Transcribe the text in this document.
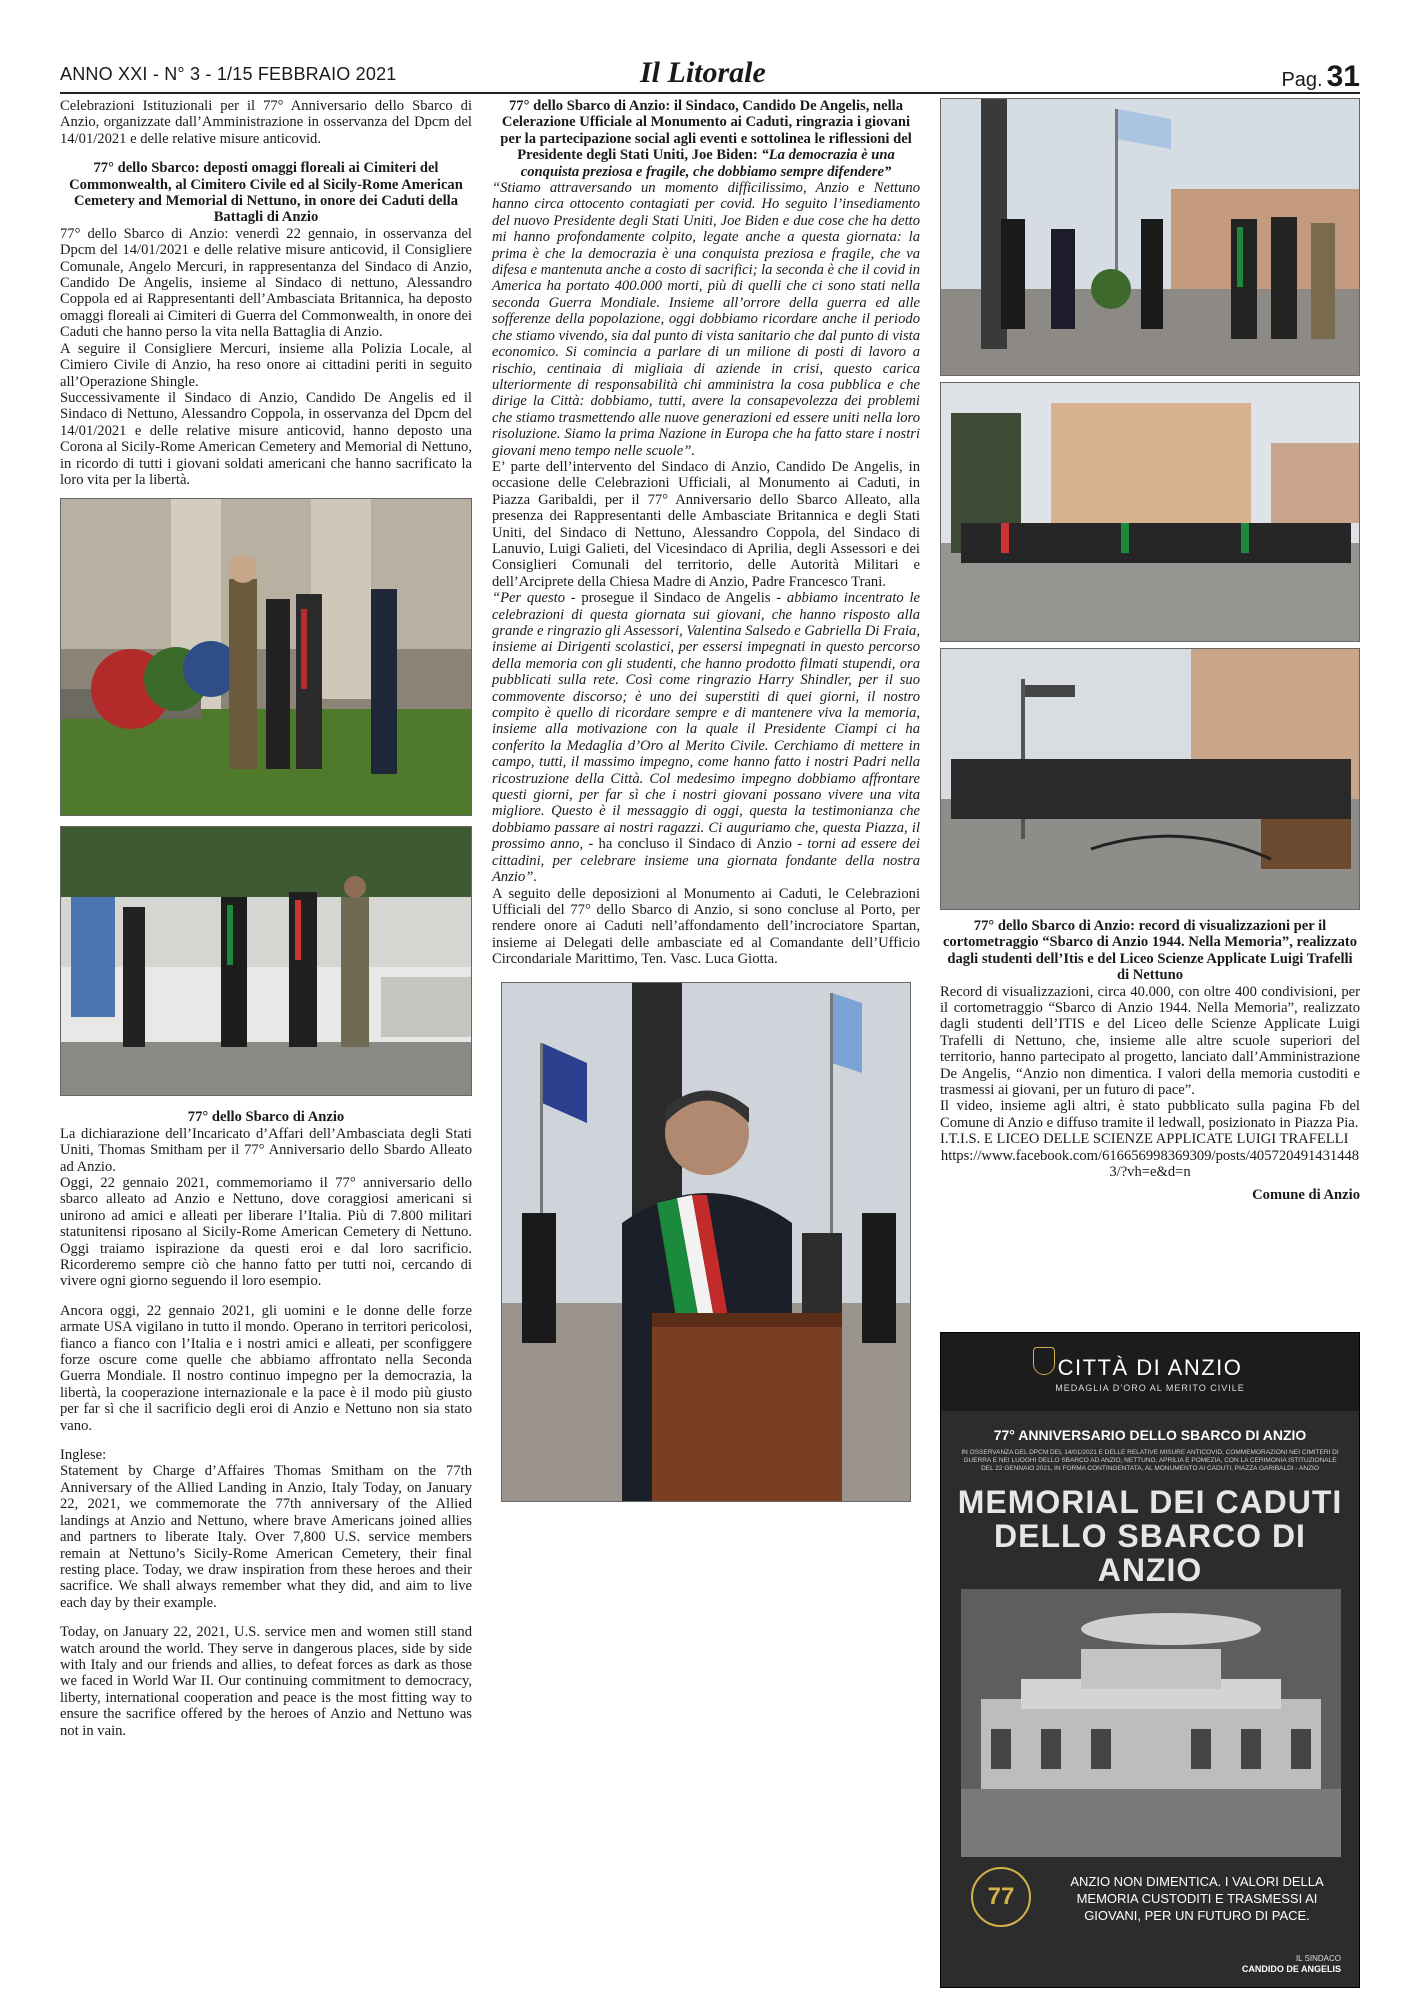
ANNO XXI - N° 3 - 1/15 FEBBRAIO 2021	Il Litorale	Pag. 31

Celebrazioni Istituzionali per il 77° Anniversario dello Sbarco di Anzio, organizzate dall’Amministrazione in osservanza del Dpcm del 14/01/2021 e delle relative misure anticovid.

77° dello Sbarco: deposti omaggi floreali ai Cimiteri del Commonwealth, al Cimitero Civile ed al Sicily-Rome American Cemetery and Memorial di Nettuno, in onore dei Caduti della Battagli di Anzio

77° dello Sbarco di Anzio: venerdì 22 gennaio, in osservanza del Dpcm del 14/01/2021 e delle relative misure anticovid, il Consigliere Comunale, Angelo Mercuri, in rappresentanza del Sindaco di Anzio, Candido De Angelis, insieme al Sindaco di nettuno, Alessandro Coppola ed ai Rappresentanti dell’Ambasciata Britannica, ha deposto omaggi floreali ai Cimiteri di Guerra del Commonwealth, in onore dei Caduti che hanno perso la vita nella Battaglia di Anzio.

A seguire il Consigliere Mercuri, insieme alla Polizia Locale, al Cimiero Civile di Anzio, ha reso onore ai cittadini periti in seguito all’Operazione Shingle.

Successivamente il Sindaco di Anzio, Candido De Angelis ed il Sindaco di Nettuno, Alessandro Coppola, in osservanza del Dpcm del 14/01/2021 e delle relative misure anticovid, hanno deposto una Corona al Sicily-Rome American Cemetery and Memorial di Nettuno, in ricordo di tutti i giovani soldati americani che hanno sacrificato la loro vita per la libertà.

77° dello Sbarco di Anzio

La dichiarazione dell’Incaricato d’Affari dell’Ambasciata degli Stati Uniti, Thomas Smitham per il 77° Anniversario dello Sbardo Alleato ad Anzio.

Oggi, 22 gennaio 2021, commemoriamo il 77° anniversario dello sbarco alleato ad Anzio e Nettuno, dove coraggiosi americani si unirono ad amici e alleati per liberare l’Italia. Più di 7.800 militari statunitensi riposano al Sicily-Rome American Cemetery di Nettuno. Oggi traiamo ispirazione da questi eroi e dal loro sacrificio. Ricorderemo sempre ciò che hanno fatto per tutti noi, cercando di vivere ogni giorno seguendo il loro esempio.

Ancora oggi, 22 gennaio 2021, gli uomini e le donne delle forze armate USA vigilano in tutto il mondo. Operano in territori pericolosi, fianco a fianco con l’Italia e i nostri amici e alleati, per sconfiggere forze oscure come quelle che abbiamo affrontato nella Seconda Guerra Mondiale. Il nostro continuo impegno per la democrazia, la libertà, la cooperazione internazionale e la pace è il modo più giusto per far sì che il sacrificio degli eroi di Anzio e Nettuno non sia stato vano.

Inglese:

Statement by Charge d’Affaires Thomas Smitham on the 77th Anniversary of the Allied Landing in Anzio, Italy Today, on January 22, 2021, we commemorate the 77th anniversary of the Allied landings at Anzio and Nettuno, where brave Americans joined allies and partners to liberate Italy. Over 7,800 U.S. service members remain at Nettuno’s Sicily-Rome American Cemetery, their final resting place. Today, we draw inspiration from these heroes and their sacrifice. We shall always remember what they did, and aim to live each day by their example.

Today, on January 22, 2021, U.S. service men and women still stand watch around the world. They serve in dangerous places, side by side with Italy and our friends and allies, to defeat forces as dark as those we faced in World War II. Our continuing commitment to democracy, liberty, international cooperation and peace is the most fitting way to ensure the sacrifice offered by the heroes of Anzio and Nettuno was not in vain.

77° dello Sbarco di Anzio: il Sindaco, Candido De Angelis, nella Celerazione Ufficiale al Monumento ai Caduti, ringrazia i giovani per la partecipazione social agli eventi e sottolinea le riflessioni del Presidente degli Stati Uniti, Joe Biden: “La democrazia è una conquista preziosa e fragile, che dobbiamo sempre difendere”

“Stiamo attraversando un momento difficilissimo, Anzio e Nettuno hanno circa ottocento contagiati per covid. Ho seguito l’insediamento del nuovo Presidente degli Stati Uniti, Joe Biden e due cose che ha detto mi hanno profondamente colpito, legate anche a questa giornata: la prima è che la democrazia è una conquista preziosa e fragile, che va difesa e mantenuta anche a costo di sacrifici; la seconda è che il covid in America ha portato 400.000 morti, più di quelli che ci sono stati nella seconda Guerra Mondiale. Insieme all’orrore della guerra ed alle sofferenze della popolazione, oggi dobbiamo ricordare anche il periodo che stiamo vivendo, sia dal punto di vista sanitario che dal punto di vista economico. Si comincia a parlare di un milione di posti di lavoro a rischio, centinaia di migliaia di aziende in crisi, questo carica ulteriormente di responsabilità chi amministra la cosa pubblica e che dirige la Città: dobbiamo, tutti, avere la consapevolezza dei problemi che stiamo trasmettendo alle nuove generazioni ed essere uniti nella loro risoluzione. Siamo la prima Nazione in Europa che ha fatto stare i nostri giovani meno tempo nelle scuole”.

E’ parte dell’intervento del Sindaco di Anzio, Candido De Angelis, in occasione delle Celebrazioni Ufficiali, al Monumento ai Caduti, in Piazza Garibaldi, per il 77° Anniversario dello Sbarco Alleato, alla presenza dei Rappresentanti delle Ambasciate Britannica e degli Stati Uniti, del Sindaco di Nettuno, Alessandro Coppola, del Sindaco di Lanuvio, Luigi Galieti, del Vicesindaco di Aprilia, degli Assessori e dei Consiglieri Comunali del territorio, delle Autorità Militari e dell’Arciprete della Chiesa Madre di Anzio, Padre Francesco Trani.

“Per questo - prosegue il Sindaco de Angelis - abbiamo incentrato le celebrazioni di questa giornata sui giovani, che hanno risposto alla grande e ringrazio gli Assessori, Valentina Salsedo e Gabriella Di Fraia, insieme ai Dirigenti scolastici, per essersi impegnati in questo percorso della memoria con gli studenti, che hanno prodotto filmati stupendi, ora pubblicati sulla rete. Così come ringrazio Harry Shindler, per il suo commovente discorso; è uno dei superstiti di quei giorni, il nostro compito è quello di ricordare sempre e di mantenere viva la memoria, insieme alla motivazione con la quale il Presidente Ciampi ci ha conferito la Medaglia d’Oro al Merito Civile. Cerchiamo di mettere in campo, tutti, il massimo impegno, come hanno fatto i nostri Padri nella ricostruzione della Città. Col medesimo impegno dobbiamo affrontare questi giorni, per far sì che i nostri giovani possano vivere una vita migliore. Questo è il messaggio di oggi, questa la testimonianza che dobbiamo passare ai nostri ragazzi. Ci auguriamo che, questa Piazza, il prossimo anno, - ha concluso il Sindaco di Anzio - torni ad essere dei cittadini, per celebrare insieme una giornata fondante della nostra Anzio”.

A seguito delle deposizioni al Monumento ai Caduti, le Celebrazioni Ufficiali del 77° dello Sbarco di Anzio, si sono concluse al Porto, per rendere onore ai Caduti nell’affondamento dell’incrociatore Spartan, insieme ai Delegati delle ambasciate ed al Comandante dell’Ufficio Circondariale Marittimo, Ten. Vasc. Luca Giotta.

77° dello Sbarco di Anzio: record di visualizzazioni per il cortometraggio “Sbarco di Anzio 1944. Nella Memoria”, realizzato dagli studenti dell’Itis e del Liceo Scienze Applicate Luigi Trafelli di Nettuno

Record di visualizzazioni, circa 40.000, con oltre 400 condivisioni, per il cortometraggio “Sbarco di Anzio 1944. Nella Memoria”, realizzato dagli studenti dell’ITIS e del Liceo delle Scienze Applicate Luigi Trafelli di Nettuno, che, insieme alle altre scuole superiori del territorio, hanno partecipato al progetto, lanciato dall’Amministrazione De Angelis, “Anzio non dimentica. I valori della memoria custoditi e trasmessi ai giovani, per un futuro di pace”.

Il video, insieme agli altri, è stato pubblicato sulla pagina Fb del Comune di Anzio e diffuso tramite il ledwall, posizionato in Piazza Pia.

I.T.I.S. E LICEO DELLE SCIENZE APPLICATE LUIGI TRAFELLI

https://www.facebook.com/616656998369309/posts/4057204914314483/?vh=e&d=n

Comune di Anzio

CITTÀ DI ANZIO
MEDAGLIA D’ORO AL MERITO CIVILE
77° ANNIVERSARIO DELLO SBARCO DI ANZIO
IN OSSERVANZA DEL DPCM DEL 14/01/2021 E DELLE RELATIVE MISURE ANTICOVID, COMMEMORAZIONI NEI CIMITERI DI GUERRA E NEI LUOGHI DELLO SBARCO AD ANZIO, NETTUNO, APRILIA E POMEZIA, CON LA CERIMONIA ISTITUZIONALE DEL 22 GENNAIO 2021, IN FORMA CONTINGENTATA, AL MONUMENTO AI CADUTI, PIAZZA GARIBALDI - ANZIO
MEMORIAL DEI CADUTI DELLO SBARCO DI ANZIO
77
ANZIO NON DIMENTICA. I VALORI DELLA MEMORIA CUSTODITI E TRASMESSI AI GIOVANI, PER UN FUTURO DI PACE.
IL SINDACO
CANDIDO DE ANGELIS
